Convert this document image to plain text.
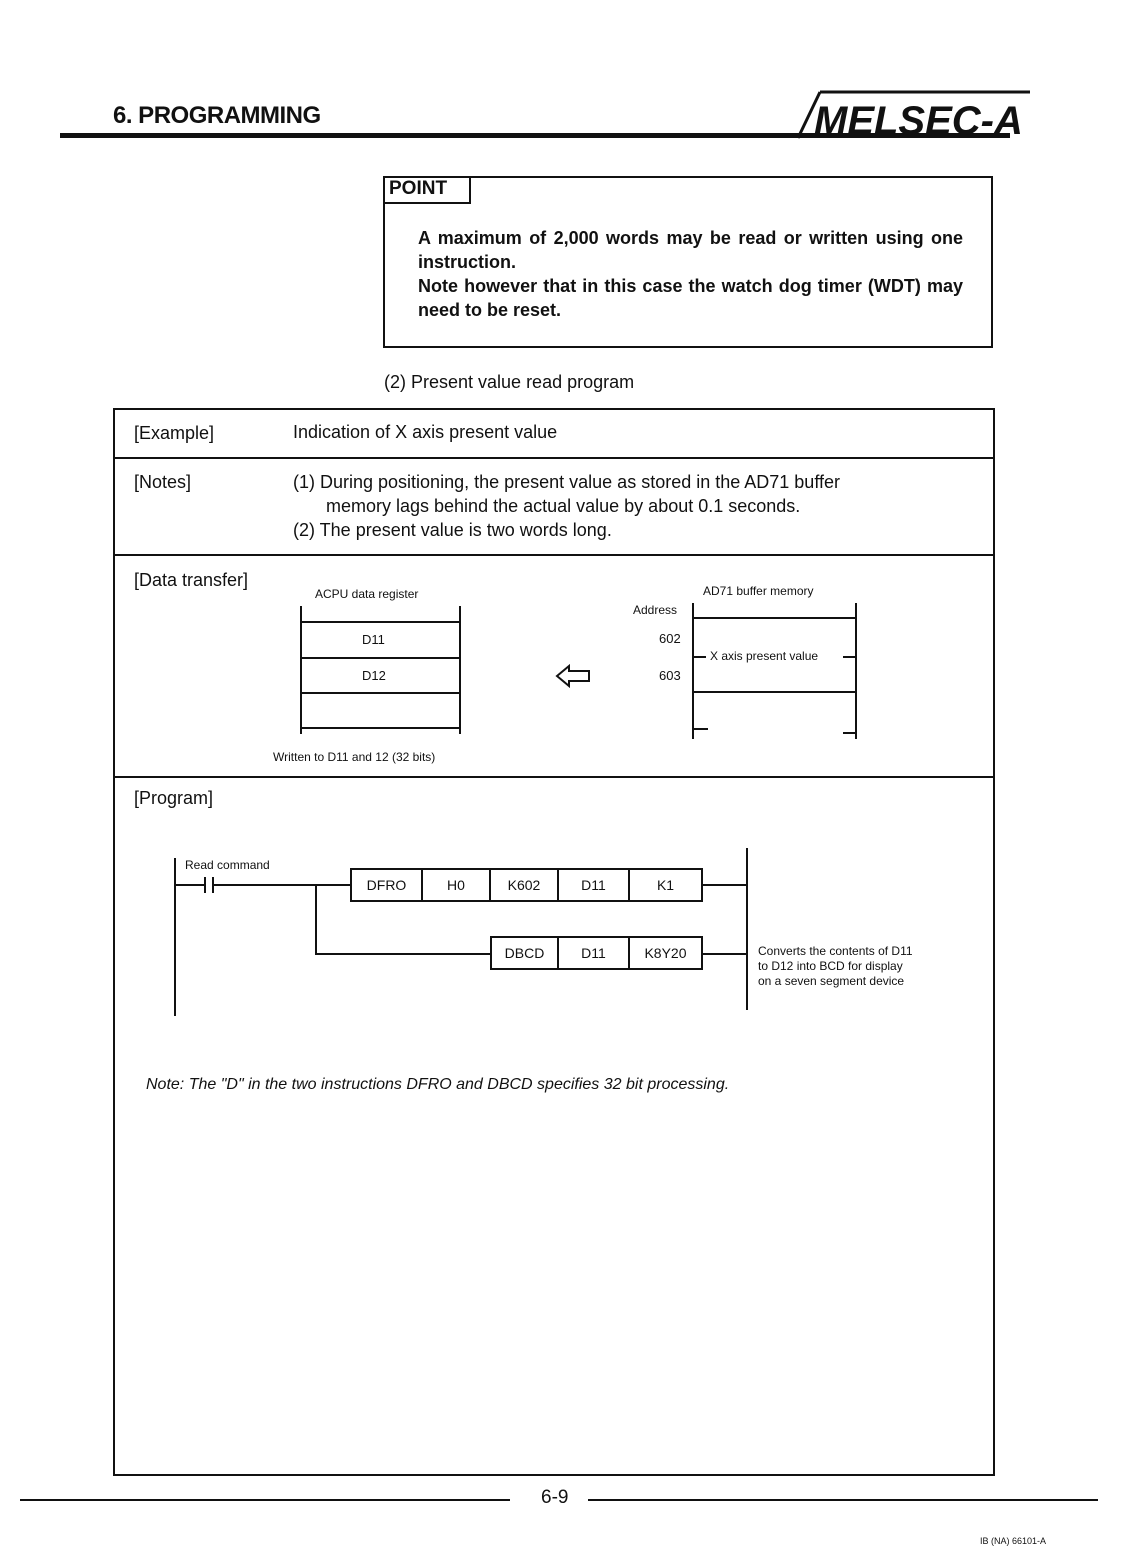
6. PROGRAMMING	MELSEC-A
POINT

A maximum of 2,000 words may be read or written using one instruction.

Note however that in this case the watch dog timer (WDT) may need to be reset.

(2) Present value read program
[Example]	Indication of X axis present value
[Notes]	(1) During positioning, the present value as stored in the AD71 buffer

memory lags behind the actual value by about 0.1 seconds.

(2) The present value is two words long.

[Data transfer]
ACPU data register
D11
D12
Written to D11 and 12 (32 bits)
AD71 buffer memory
Address
602
603
X axis present value
[Program]
Read command
DFRO	H0	K602	D11	K1
DBCD	D11	K8Y20	Converts the contents of D11
to D12 into BCD for display
on a seven segment device
Note: The "D" in the two instructions DFRO and DBCD specifies 32 bit processing.
6-9
IB (NA) 66101-A
